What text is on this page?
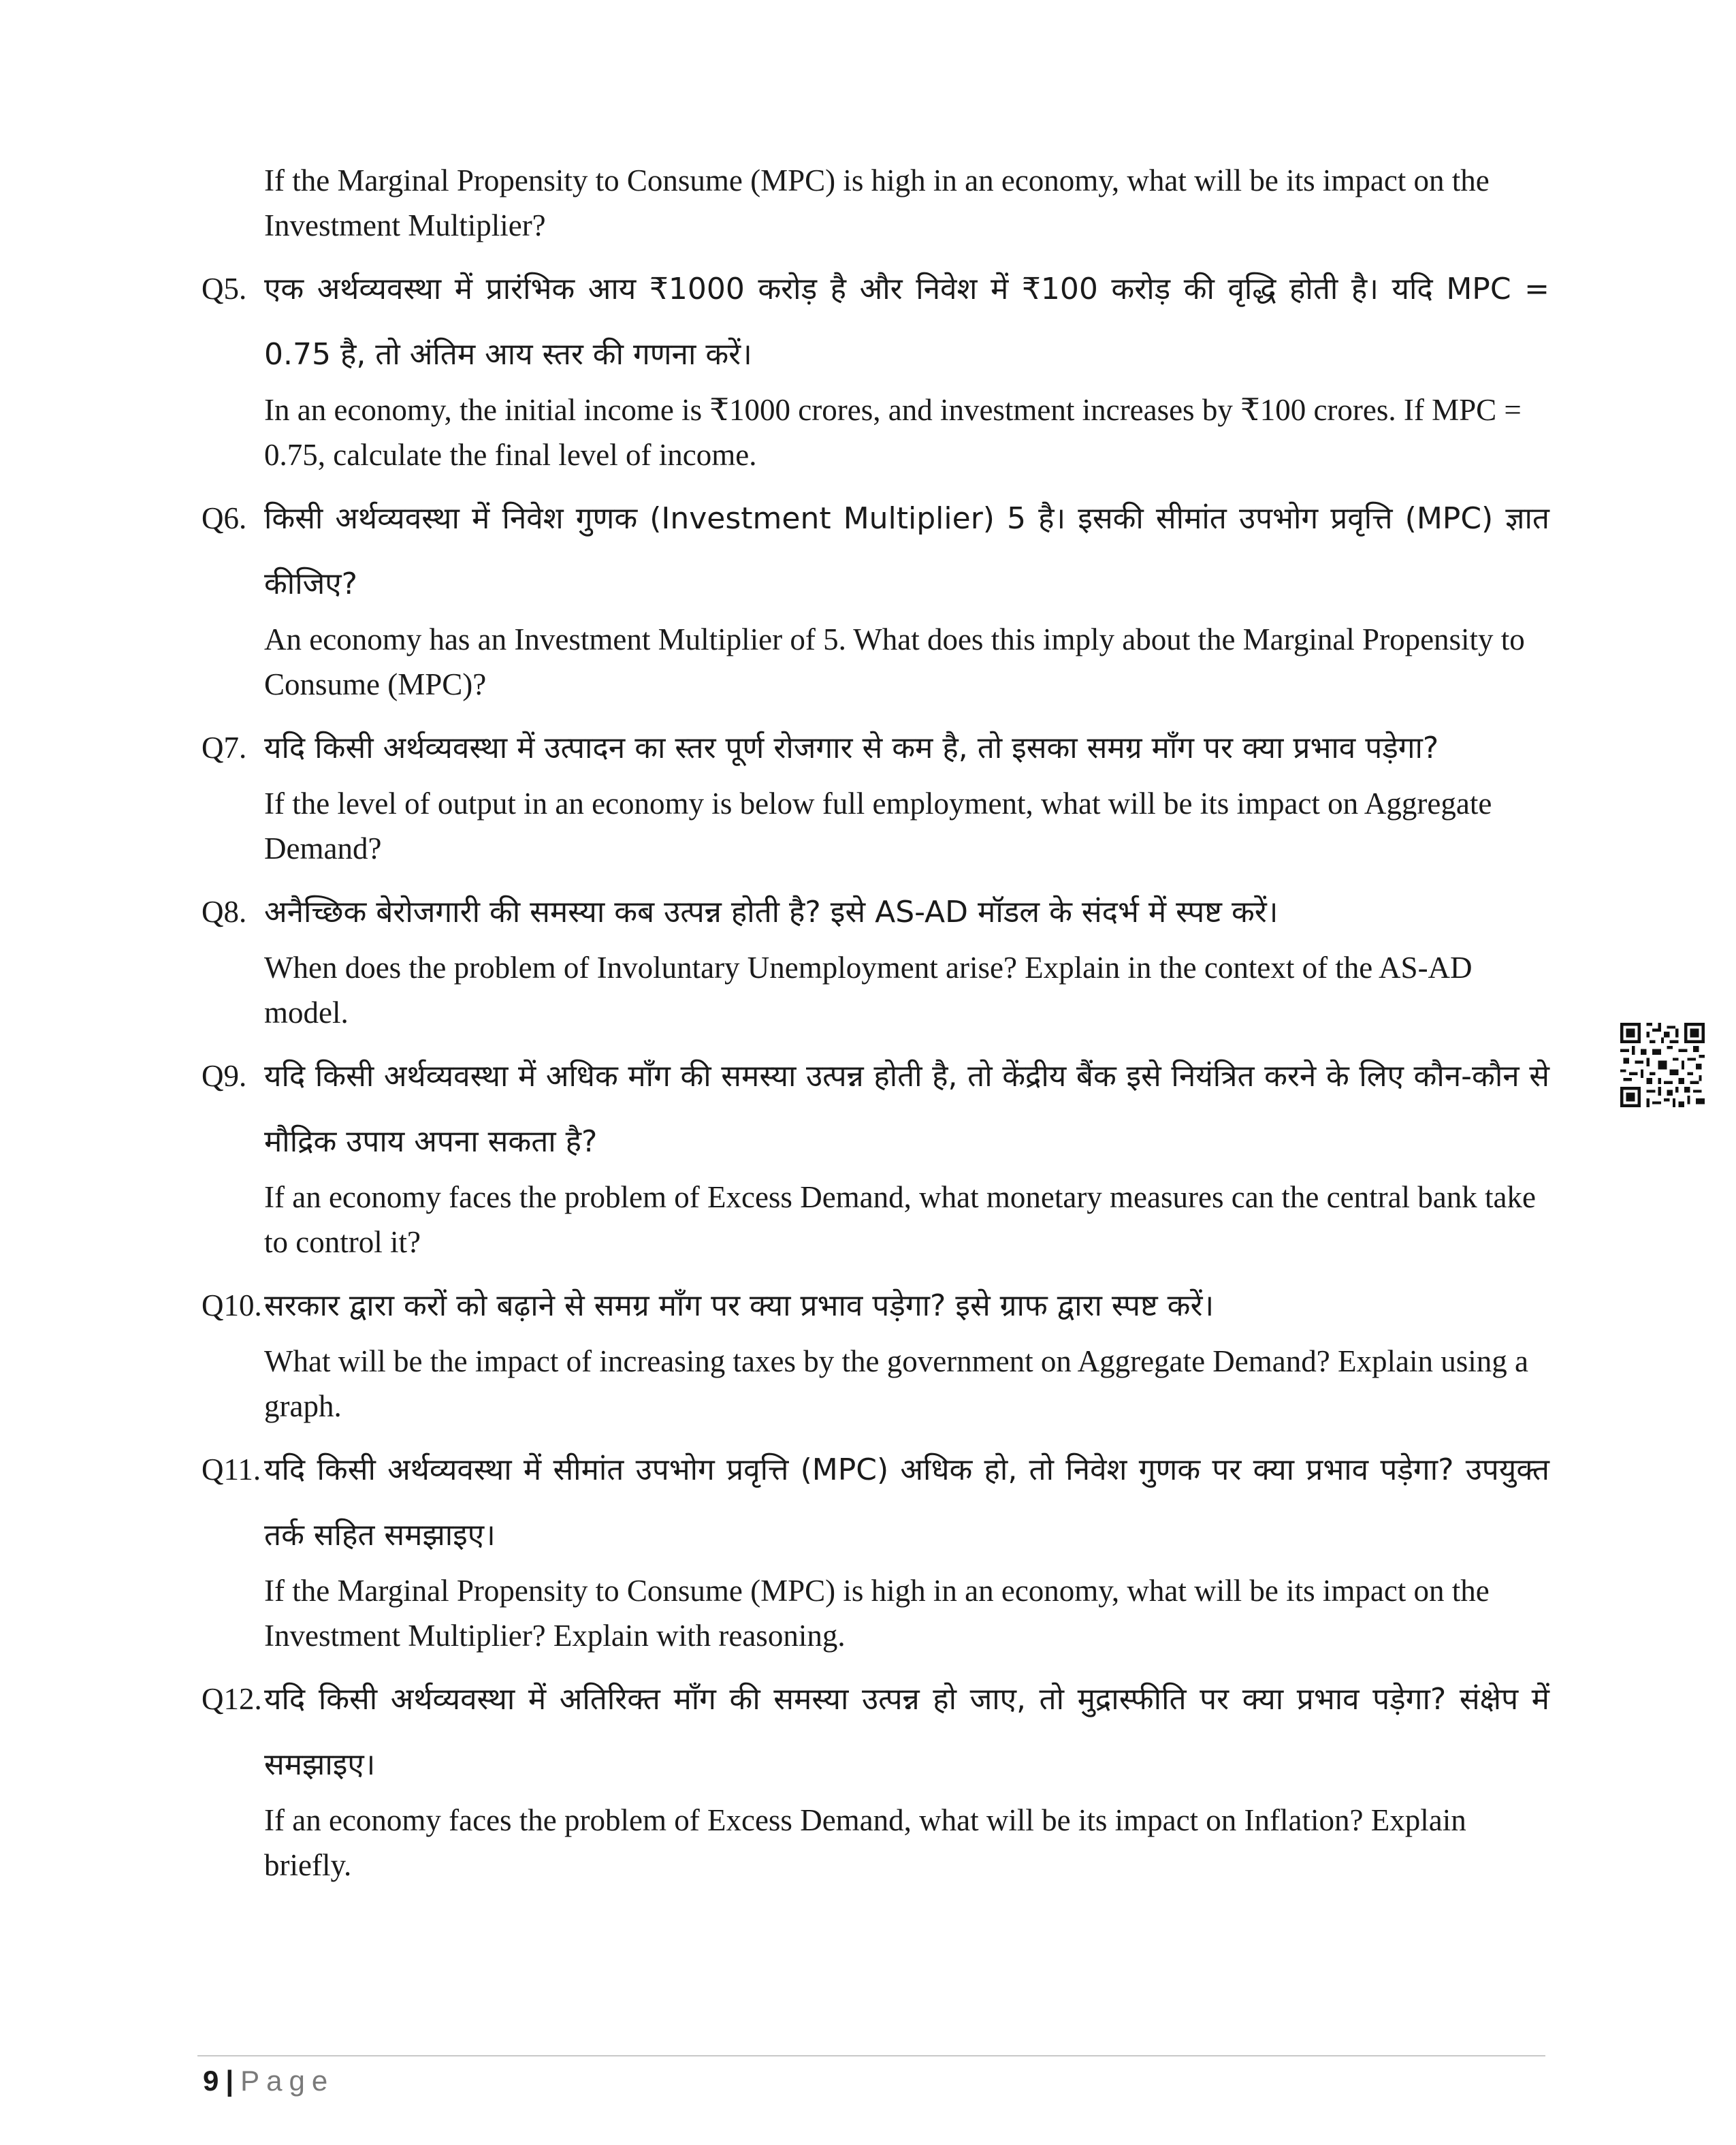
If the Marginal Propensity to Consume (MPC) is high in an economy, what will be its impact on the Investment Multiplier?
Q5. एक अर्थव्यवस्था में प्रारंभिक आय ₹1000 करोड़ है और निवेश में ₹100 करोड़ की वृद्धि होती है। यदि MPC = 0.75 है, तो अंतिम आय स्तर की गणना करें।
In an economy, the initial income is ₹1000 crores, and investment increases by ₹100 crores. If MPC = 0.75, calculate the final level of income.
Q6. किसी अर्थव्यवस्था में निवेश गुणक (Investment Multiplier) 5 है। इसकी सीमांत उपभोग प्रवृत्ति (MPC) ज्ञात कीजिए?
An economy has an Investment Multiplier of 5. What does this imply about the Marginal Propensity to Consume (MPC)?
Q7. यदि किसी अर्थव्यवस्था में उत्पादन का स्तर पूर्ण रोजगार से कम है, तो इसका समग्र माँग पर क्या प्रभाव पड़ेगा?
If the level of output in an economy is below full employment, what will be its impact on Aggregate Demand?
Q8. अनैच्छिक बेरोजगारी की समस्या कब उत्पन्न होती है? इसे AS-AD मॉडल के संदर्भ में स्पष्ट करें।
When does the problem of Involuntary Unemployment arise? Explain in the context of the AS-AD model.
Q9. यदि किसी अर्थव्यवस्था में अधिक माँग की समस्या उत्पन्न होती है, तो केंद्रीय बैंक इसे नियंत्रित करने के लिए कौन-कौन से मौद्रिक उपाय अपना सकता है?
If an economy faces the problem of Excess Demand, what monetary measures can the central bank take to control it?
Q10.सरकार द्वारा करों को बढ़ाने से समग्र माँग पर क्या प्रभाव पड़ेगा? इसे ग्राफ द्वारा स्पष्ट करें।
What will be the impact of increasing taxes by the government on Aggregate Demand? Explain using a graph.
Q11. यदि किसी अर्थव्यवस्था में सीमांत उपभोग प्रवृत्ति (MPC) अधिक हो, तो निवेश गुणक पर क्या प्रभाव पड़ेगा? उपयुक्त तर्क सहित समझाइए।
If the Marginal Propensity to Consume (MPC) is high in an economy, what will be its impact on the Investment Multiplier? Explain with reasoning.
Q12.यदि किसी अर्थव्यवस्था में अतिरिक्त माँग की समस्या उत्पन्न हो जाए, तो मुद्रास्फीति पर क्या प्रभाव पड़ेगा? संक्षेप में समझाइए।
If an economy faces the problem of Excess Demand, what will be its impact on Inflation? Explain briefly.
9 | Page
